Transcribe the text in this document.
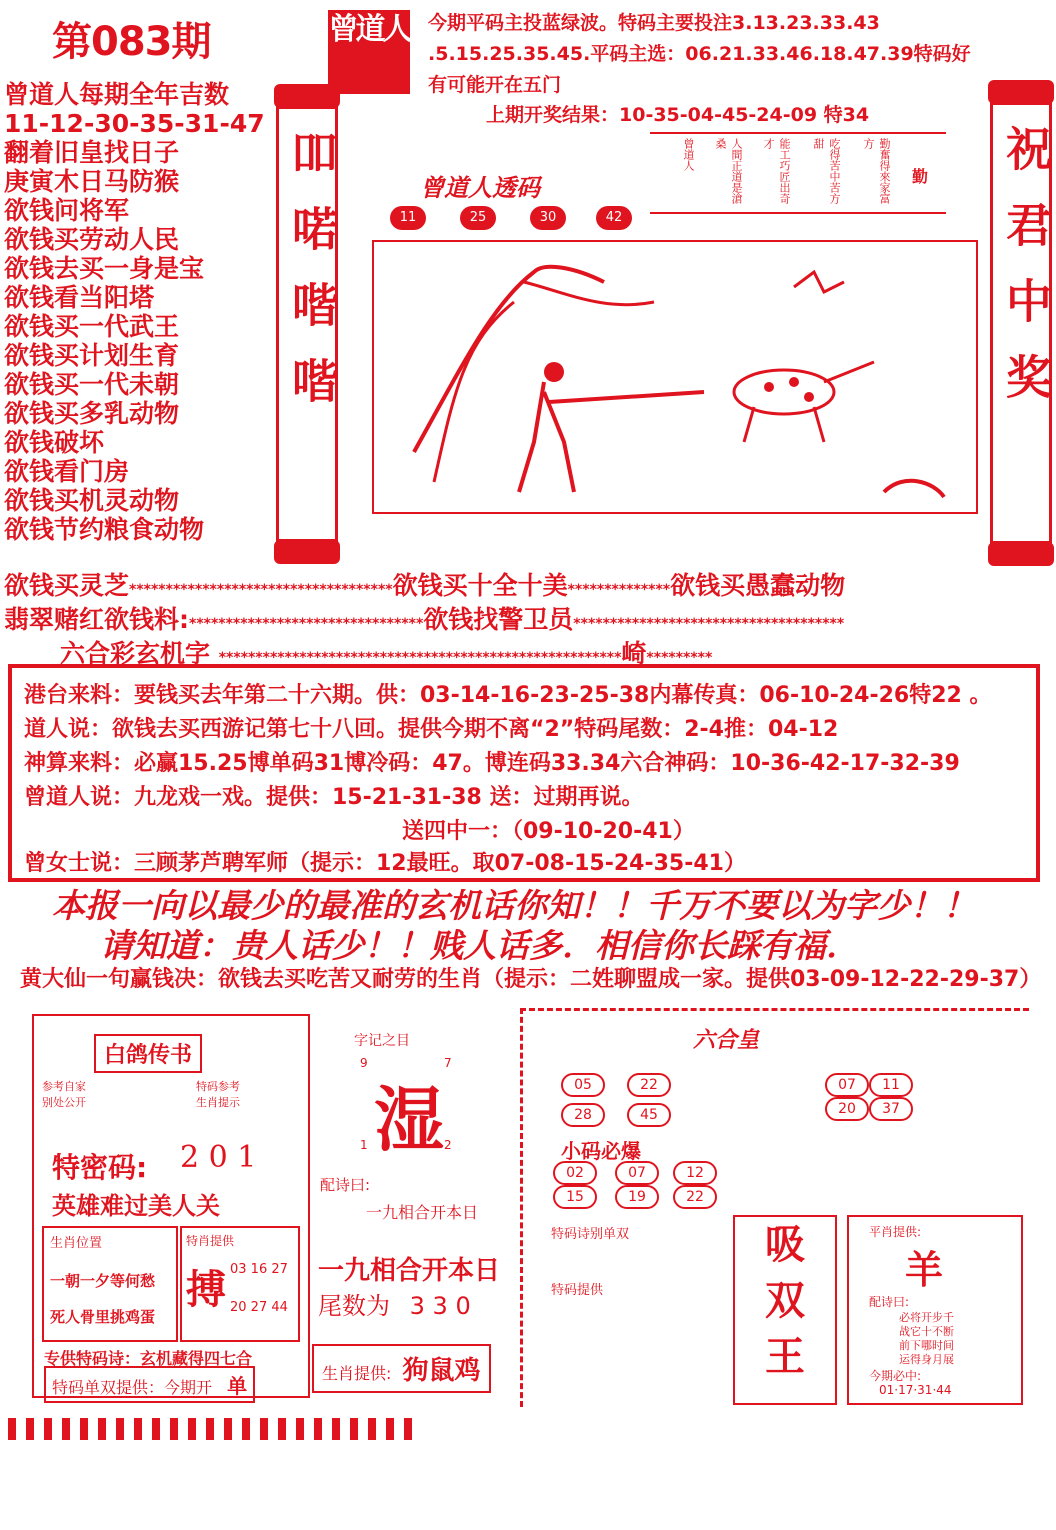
第083期	曾道人 今期平码主投蓝绿波。特码主要投注3.13.23.33.43
.5.15.25.35.45.平码主选：06.21.33.46.18.47.39特码好
有可能开在五门
上期开奖结果：10-35-04-45-24-09 特34
曾道人每期全年吉数
11-12-30-35-31-47
翻着旧皇找日子
庚寅木日马防猴
欲钱问将军
欲钱买劳动人民
欲钱去买一身是宝
欲钱看当阳塔
欲钱买一代武王
欲钱买计划生育
欲钱买一代未朝
欲钱买多乳动物
欲钱破坏
欲钱看门房
欲钱买机灵动物
欲钱节约粮食动物
吅喏喈喈	祝君中奖
曾道人透码
11	25	30	42
曾道人	人間正道是滄桑	能工巧匠出奇才	吃得苦中苦方甜	勤奮得來家富方
勤
欲钱买灵芝************************************欲钱买十全十美**************欲钱买愚蠢动物
翡翠赌红欲钱料:********************************欲钱找警卫员*************************************
六合彩玄机字 *******************************************************崎*********
港台来料：要钱买去年第二十六期。供：03-14-16-23-25-38内幕传真：06-10-24-26特22 。
道人说：欲钱去买西游记第七十八回。提供今期不离“2”特码尾数：2-4推：04-12
神算来料：必赢15.25博单码31博冷码：47。博连码33.34六合神码：10-36-42-17-32-39
曾道人说：九龙戏一戏。提供：15-21-31-38 送：过期再说。
送四中一：（09-10-20-41）
曾女士说：三顾茅芦聘军师（提示：12最旺。取07-08-15-24-35-41）
本报一向以最少的最准的玄机话你知！！千万不要以为字少！！
请知道：贵人话少！！贱人话多．相信你长踩有福．
黄大仙一句赢钱决：欲钱去买吃苦又耐劳的生肖（提示：二姓聊盟成一家。提供03-09-12-22-29-37）
白鸽传书
参考自家
别处公开
特码参考
生肖提示
特密码: 2 0 1
英雄难过美人关
生肖位置
一朝一夕等何愁
死人骨里挑鸡蛋
特肖提供
搏 03 16 27
20 27 44
专供特码诗：玄机藏得四七合
特码单双提供：今期开 单
字记之目
9	7
湿
1	2
配诗曰:
一九相合开本日
一九相合开本日
尾数为 3 3 0
生肖提供: 狗鼠鸡
六合皇
05	22
28	45
07	11
20	37
小码必爆
02	07	12
15	19	22
特码诗别单双
特码提供
吸
双
王
平肖提供:
羊
配诗曰:
必将开步千
战它十不断
前下哪时间
运得身月展
今期必中:
01·17·31·44
